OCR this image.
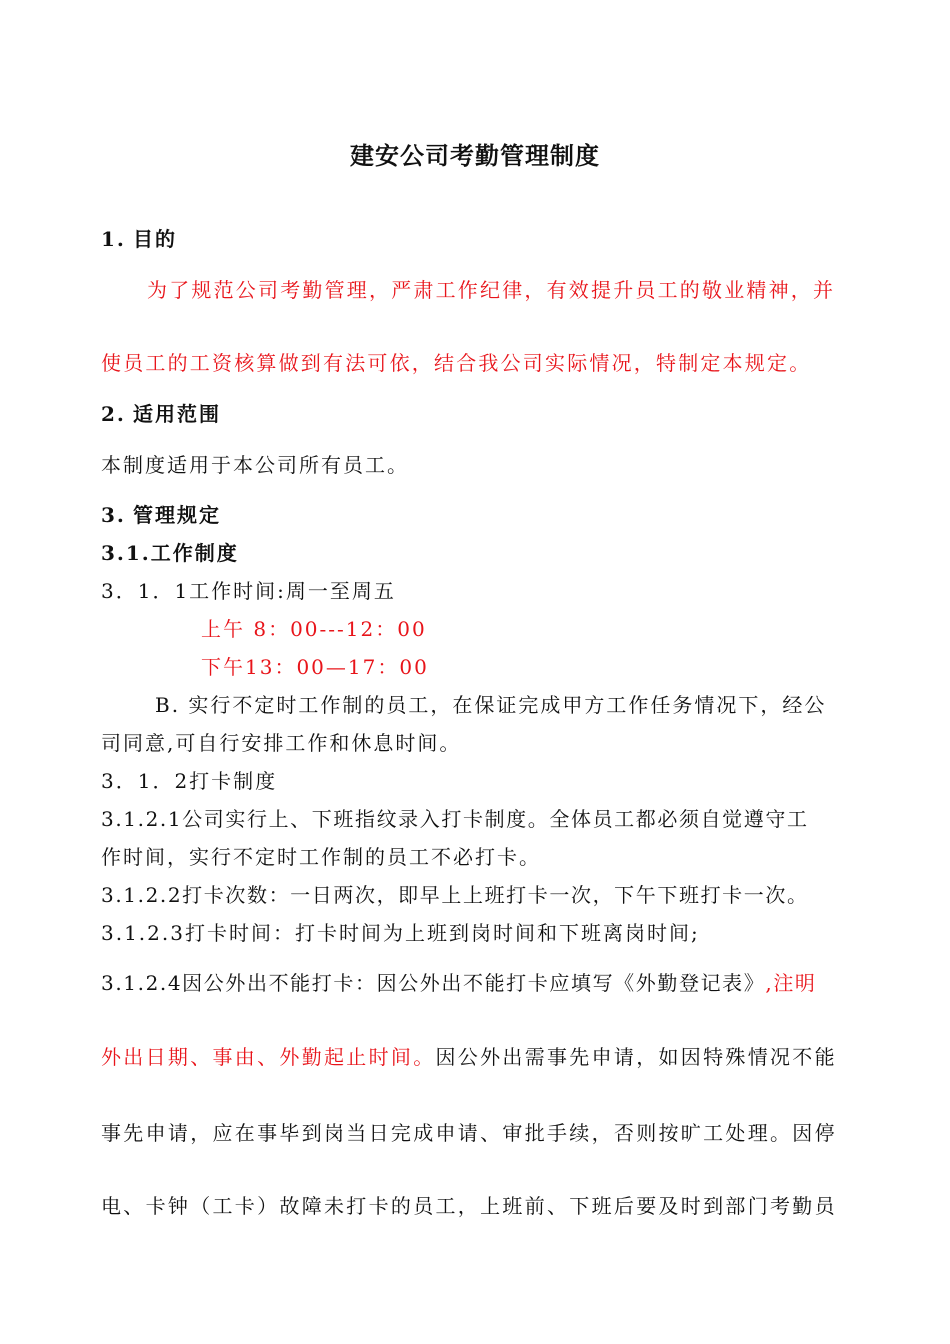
建安公司考勤管理制度
1. 目的
为了规范公司考勤管理，严肃工作纪律，有效提升员工的敬业精神，并
使员工的工资核算做到有法可依，结合我公司实际情况，特制定本规定。
2. 适用范围
本制度适用于本公司所有员工。
3. 管理规定
3.1.工作制度
3．1．1工作时间:周一至周五
上午 8：00---12：00
下午13：00—17：00
B. 实行不定时工作制的员工，在保证完成甲方工作任务情况下，经公
司同意,可自行安排工作和休息时间。
3．1．2打卡制度
3.1.2.1公司实行上、下班指纹录入打卡制度。全体员工都必须自觉遵守工
作时间，实行不定时工作制的员工不必打卡。
3.1.2.2打卡次数：一日两次，即早上上班打卡一次，下午下班打卡一次。
3.1.2.3打卡时间：打卡时间为上班到岗时间和下班离岗时间;
3.1.2.4因公外出不能打卡：因公外出不能打卡应填写《外勤登记表》,注明
外出日期、事由、外勤起止时间。因公外出需事先申请，如因特殊情况不能
事先申请，应在事毕到岗当日完成申请、审批手续，否则按旷工处理。因停
电、卡钟（工卡）故障未打卡的员工，上班前、下班后要及时到部门考勤员
